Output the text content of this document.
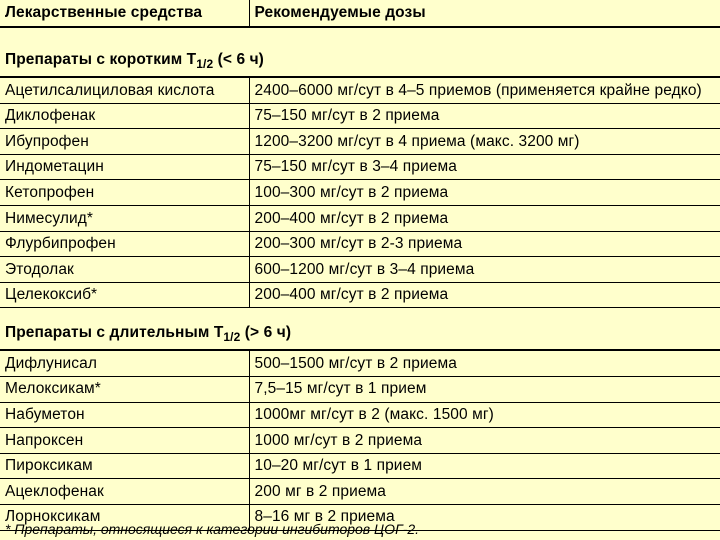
Лекарственные средства	Рекомендуемые дозы
Препараты с коротким $T_{1/2}$ (< 6 ч)	
Ацетилсалициловая кислота	2400–6000 мг/сут в 4–5 приемов (применяется крайне редко)
Диклофенак	75–150 мг/сут в 2 приема
Ибупрофен	1200–3200 мг/сут в 4 приема (макс. 3200 мг)
Индометацин	75–150 мг/сут в 3–4 приема
Кетопрофен	100–300 мг/сут в 2 приема
Нимесулид*	200–400 мг/сут в 2 приема
Флурбипрофен	200–300 мг/сут в 2-3 приема
Этодолак	600–1200 мг/сут в 3–4 приема
Целекоксиб*	200–400 мг/сут в 2 приема
Препараты с длительным $T_{1/2}$ (> 6 ч)	
Дифлунисал	500–1500 мг/сут в 2 приема
Мелоксикам*	7,5–15 мг/сут в 1 прием
Набуметон	1000мг мг/сут в 2 (макс. 1500 мг)
Напроксен	1000 мг/сут в 2 приема
Пироксикам	10–20 мг/сут в 1 прием
Ацеклофенак	200 мг в 2 приема
Лорноксикам	8–16 мг в 2 приема
* Препараты, относящиеся к категории ингибиторов ЦОГ-2.
